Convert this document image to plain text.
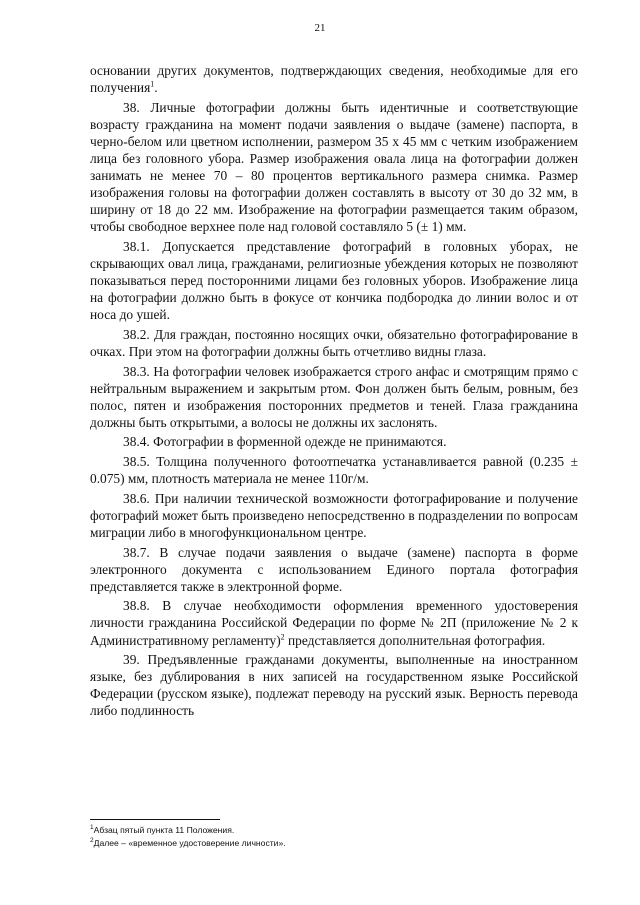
21

основании других документов, подтверждающих сведения, необходимые для его получения$^1$.

38. Личные фотографии должны быть идентичные и соответствующие возрасту гражданина на момент подачи заявления о выдаче (замене) паспорта, в черно-белом или цветном исполнении, размером 35 х 45 мм с четким изображением лица без головного убора. Размер изображения овала лица на фотографии должен занимать не менее 70 – 80 процентов вертикального размера снимка. Размер изображения головы на фотографии должен составлять в высоту от 30 до 32 мм, в ширину от 18 до 22 мм. Изображение на фотографии размещается таким образом, чтобы свободное верхнее поле над головой составляло 5 (± 1) мм.

38.1. Допускается представление фотографий в головных уборах, не скрывающих овал лица, гражданами, религиозные убеждения которых не позволяют показываться перед посторонними лицами без головных уборов. Изображение лица на фотографии должно быть в фокусе от кончика подбородка до линии волос и от носа до ушей.

38.2. Для граждан, постоянно носящих очки, обязательно фотографирование в очках. При этом на фотографии должны быть отчетливо видны глаза.

38.3. На фотографии человек изображается строго анфас и смотрящим прямо с нейтральным выражением и закрытым ртом. Фон должен быть белым, ровным, без полос, пятен и изображения посторонних предметов и теней. Глаза гражданина должны быть открытыми, а волосы не должны их заслонять.

38.4. Фотографии в форменной одежде не принимаются.

38.5. Толщина полученного фотоотпечатка устанавливается равной (0.235 ± 0.075) мм, плотность материала не менее 110г/м.

38.6. При наличии технической возможности фотографирование и получение фотографий может быть произведено непосредственно в подразделении по вопросам миграции либо в многофункциональном центре.

38.7. В случае подачи заявления о выдаче (замене) паспорта в форме электронного документа с использованием Единого портала фотография представляется также в электронной форме.

38.8. В случае необходимости оформления временного удостоверения личности гражданина Российской Федерации по форме № 2П (приложение № 2 к Административному регламенту)$^2$ представляется дополнительная фотография.

39. Предъявленные гражданами документы, выполненные на иностранном языке, без дублирования в них записей на государственном языке Российской Федерации (русском языке), подлежат переводу на русский язык. Верность перевода либо подлинность

$^1$Абзац пятый пункта 11 Положения.
$^2$Далее – «временное удостоверение личности».
